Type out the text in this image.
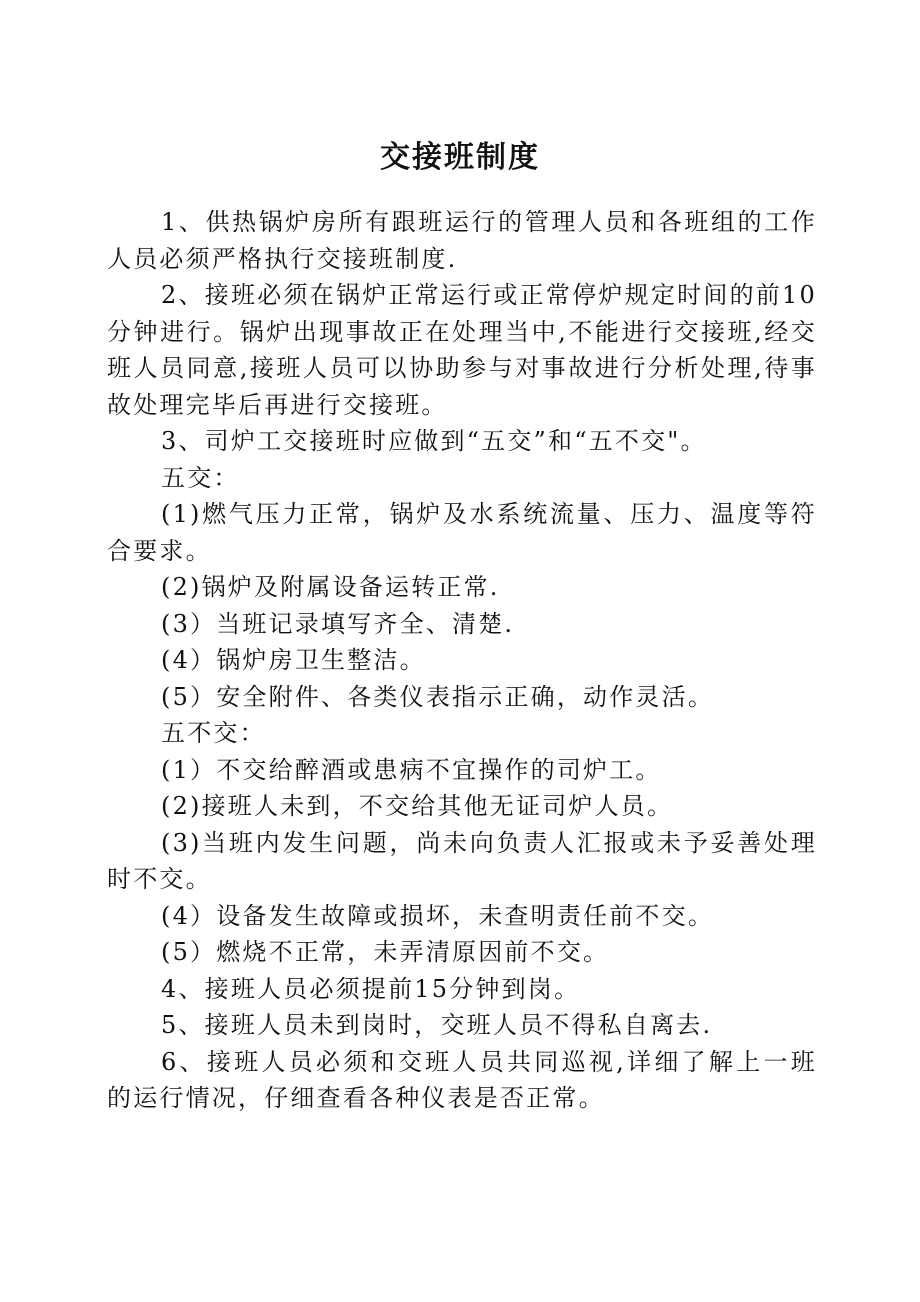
交接班制度

1、供热锅炉房所有跟班运行的管理人员和各班组的工作人员必须严格执行交接班制度.

2、接班必须在锅炉正常运行或正常停炉规定时间的前10分钟进行。锅炉出现事故正在处理当中,不能进行交接班,经交班人员同意,接班人员可以协助参与对事故进行分析处理,待事故处理完毕后再进行交接班。

3、司炉工交接班时应做到“五交”和“五不交"。

五交：

(1)燃气压力正常，锅炉及水系统流量、压力、温度等符合要求。

(2)锅炉及附属设备运转正常.

(3）当班记录填写齐全、清楚.

(4）锅炉房卫生整洁。

(5）安全附件、各类仪表指示正确，动作灵活。

五不交：

(1）不交给醉酒或患病不宜操作的司炉工。

(2)接班人未到，不交给其他无证司炉人员。

(3)当班内发生问题，尚未向负责人汇报或未予妥善处理时不交。

(4）设备发生故障或损坏，未查明责任前不交。

(5）燃烧不正常，未弄清原因前不交。

4、接班人员必须提前15分钟到岗。

5、接班人员未到岗时，交班人员不得私自离去.

6、接班人员必须和交班人员共同巡视,详细了解上一班的运行情况，仔细查看各种仪表是否正常。
